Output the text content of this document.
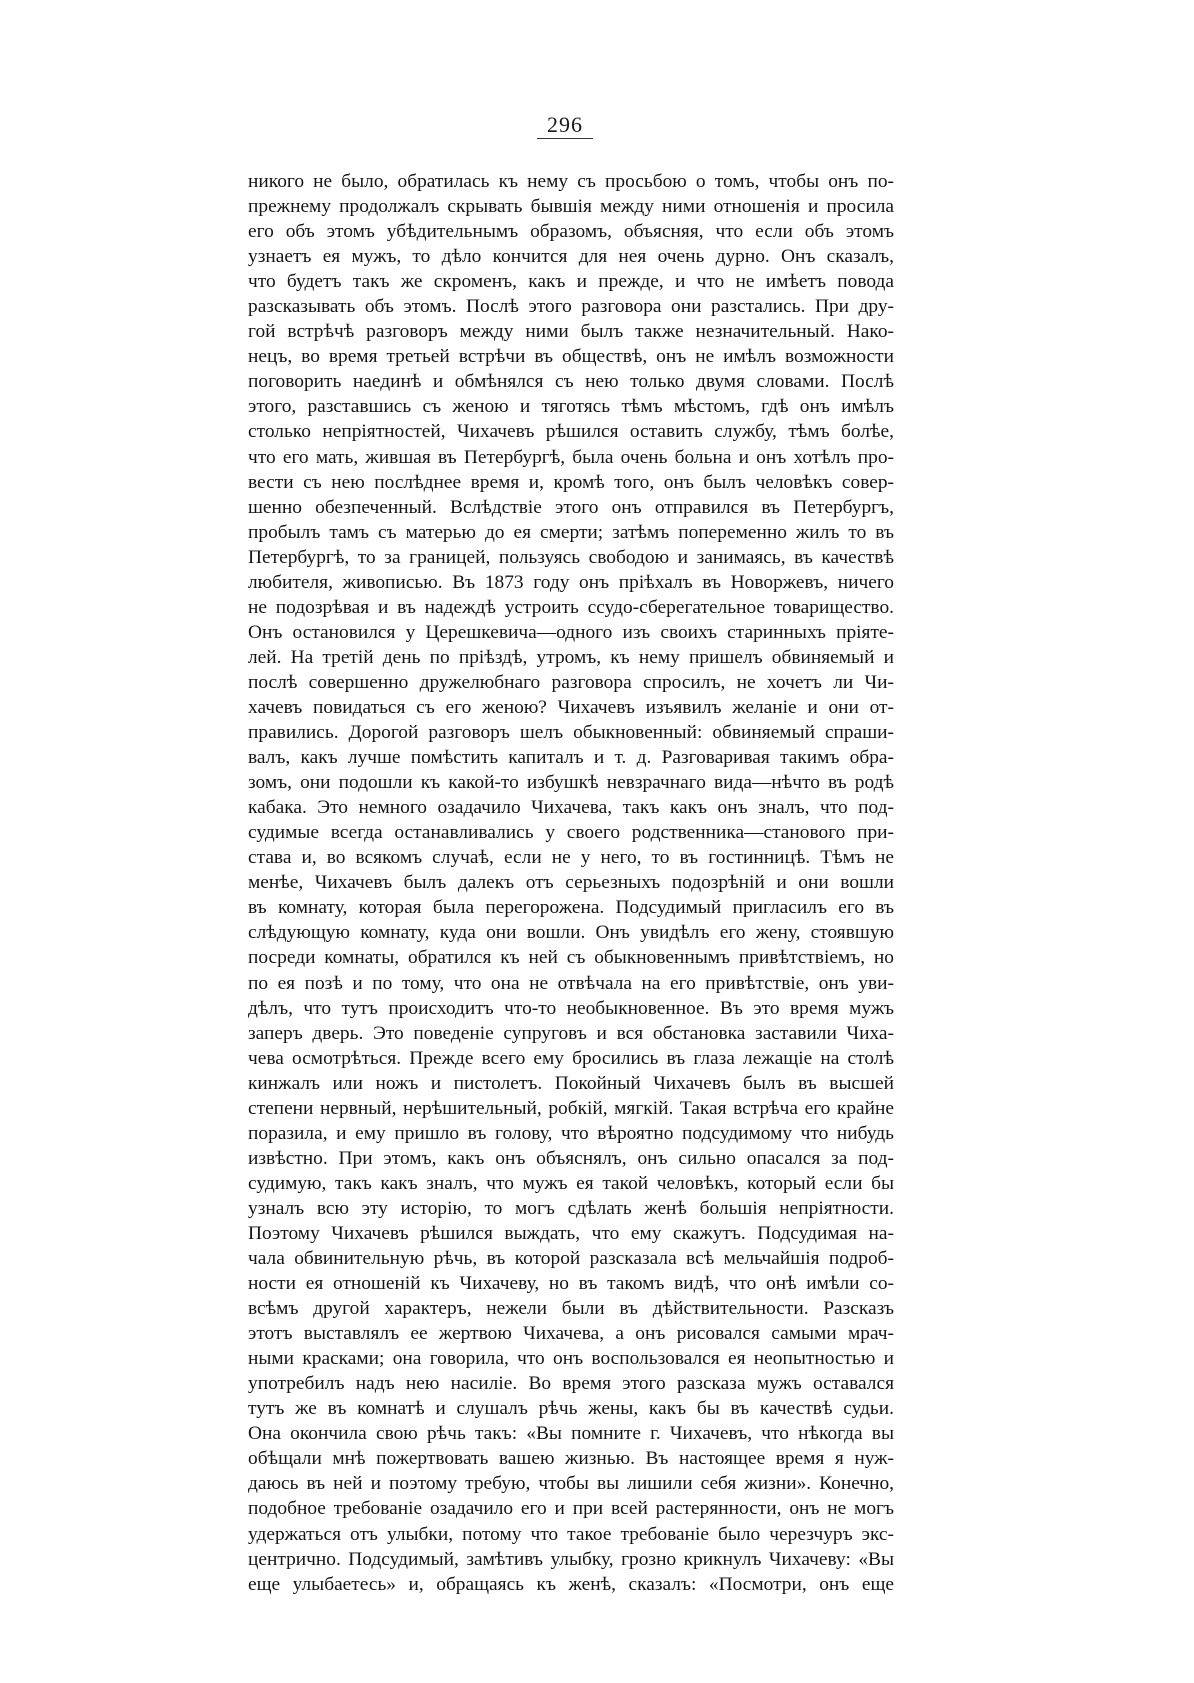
296
никого не было, обратилась къ нему съ просьбою о томъ, чтобы онъ по-
прежнему продолжалъ скрывать бывшія между ними отношенія и просила
его объ этомъ убѣдительнымъ образомъ, объясняя, что если объ этомъ
узнаетъ ея мужъ, то дѣло кончится для нея очень дурно. Онъ сказалъ,
что будетъ такъ же скроменъ, какъ и прежде, и что не имѣетъ повода
разсказывать объ этомъ. Послѣ этого разговора они разстались. При дру-
гой встрѣчѣ разговоръ между ними былъ также незначительный. Нако-
нецъ, во время третьей встрѣчи въ обществѣ, онъ не имѣлъ возможности
поговорить наединѣ и обмѣнялся съ нею только двумя словами. Послѣ
этого, разставшись съ женою и тяготясь тѣмъ мѣстомъ, гдѣ онъ имѣлъ
столько непріятностей, Чихачевъ рѣшился оставить службу, тѣмъ болѣе,
что его мать, жившая въ Петербургѣ, была очень больна и онъ хотѣлъ про-
вести съ нею послѣднее время и, кромѣ того, онъ былъ человѣкъ совер-
шенно обезпеченный. Вслѣдствіе этого онъ отправился въ Петербургъ,
пробылъ тамъ съ матерью до ея смерти; затѣмъ попеременно жилъ то въ
Петербургѣ, то за границей, пользуясь свободою и занимаясь, въ качествѣ
любителя, живописью. Въ 1873 году онъ пріѣхалъ въ Новоржевъ, ничего
не подозрѣвая и въ надеждѣ устроить ссудо-сберегательное товарищество.
Онъ остановился у Церешкевича—одного изъ своихъ старинныхъ пріяте-
лей. На третій день по пріѣздѣ, утромъ, къ нему пришелъ обвиняемый и
послѣ совершенно дружелюбнаго разговора спросилъ, не хочетъ ли Чи-
хачевъ повидаться съ его женою? Чихачевъ изъявилъ желаніе и они от-
правились. Дорогой разговоръ шелъ обыкновенный: обвиняемый спраши-
валъ, какъ лучше помѣстить капиталъ и т. д. Разговаривая такимъ обра-
зомъ, они подошли къ какой-то избушкѣ невзрачнаго вида—нѣчто въ родѣ
кабака. Это немного озадачило Чихачева, такъ какъ онъ зналъ, что под-
судимые всегда останавливались у своего родственника—станового при-
става и, во всякомъ случаѣ, если не у него, то въ гостинницѣ. Тѣмъ не
менѣе, Чихачевъ былъ далекъ отъ серьезныхъ подозрѣній и они вошли
въ комнату, которая была перегорожена. Подсудимый пригласилъ его въ
слѣдующую комнату, куда они вошли. Онъ увидѣлъ его жену, стоявшую
посреди комнаты, обратился къ ней съ обыкновеннымъ привѣтствіемъ, но
по ея позѣ и по тому, что она не отвѣчала на его привѣтствіе, онъ уви-
дѣлъ, что тутъ происходитъ что-то необыкновенное. Въ это время мужъ
заперъ дверь. Это поведеніе супруговъ и вся обстановка заставили Чиха-
чева осмотрѣться. Прежде всего ему бросились въ глаза лежащіе на столѣ
кинжалъ или ножъ и пистолетъ. Покойный Чихачевъ былъ въ высшей
степени нервный, нерѣшительный, робкій, мягкій. Такая встрѣча его крайне
поразила, и ему пришло въ голову, что вѣроятно подсудимому что нибудь
извѣстно. При этомъ, какъ онъ объяснялъ, онъ сильно опасался за под-
судимую, такъ какъ зналъ, что мужъ ея такой человѣкъ, который если бы
узналъ всю эту исторію, то могъ сдѣлать женѣ большія непріятности.
Поэтому Чихачевъ рѣшился выждать, что ему скажутъ. Подсудимая на-
чала обвинительную рѣчь, въ которой разсказала всѣ мельчайшія подроб-
ности ея отношеній къ Чихачеву, но въ такомъ видѣ, что онѣ имѣли со-
всѣмъ другой характеръ, нежели были въ дѣйствительности. Разсказъ
этотъ выставлялъ ее жертвою Чихачева, а онъ рисовался самыми мрач-
ными красками; она говорила, что онъ воспользовался ея неопытностью и
употребилъ надъ нею насиліе. Во время этого разсказа мужъ оставался
тутъ же въ комнатѣ и слушалъ рѣчь жены, какъ бы въ качествѣ судьи.
Она окончила свою рѣчь такъ: «Вы помните г. Чихачевъ, что нѣкогда вы
обѣщали мнѣ пожертвовать вашею жизнью. Въ настоящее время я нуж-
даюсь въ ней и поэтому требую, чтобы вы лишили себя жизни». Конечно,
подобное требованіе озадачило его и при всей растерянности, онъ не могъ
удержаться отъ улыбки, потому что такое требованіе было черезчуръ экс-
центрично. Подсудимый, замѣтивъ улыбку, грозно крикнулъ Чихачеву: «Вы
еще улыбаетесь» и, обращаясь къ женѣ, сказалъ: «Посмотри, онъ еще
